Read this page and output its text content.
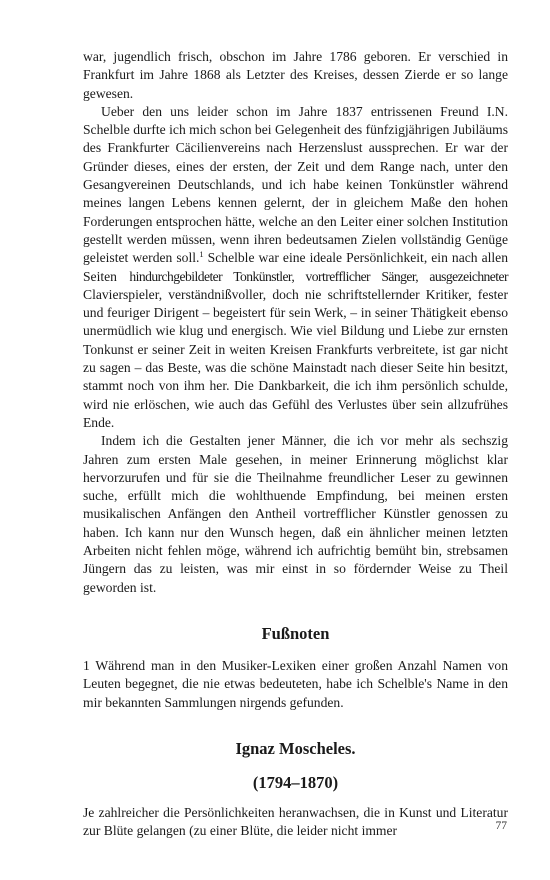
war, jugendlich frisch, obschon im Jahre 1786 geboren. Er verschied in Frankfurt im Jahre 1868 als Letzter des Kreises, dessen Zierde er so lange gewesen.

Ueber den uns leider schon im Jahre 1837 entrissenen Freund I.N. Schelble durfte ich mich schon bei Gelegenheit des fünfzigjährigen Jubiläums des Frankfurter Cäcilienvereins nach Herzenslust aussprechen. Er war der Gründer dieses, eines der ersten, der Zeit und dem Range nach, unter den Gesangvereinen Deutschlands, und ich habe keinen Tonkünstler während meines langen Lebens kennen gelernt, der in gleichem Maße den hohen Forderungen entsprochen hätte, welche an den Leiter einer solchen Institution gestellt werden müssen, wenn ihren bedeutsamen Zielen vollständig Genüge geleistet werden soll.$^1$ Schelble war eine ideale Persönlichkeit, ein nach allen Seiten hindurchgebildeter Tonkünstler, vortrefflicher Sänger, ausgezeichneter Clavierspieler, verständnißvoller, doch nie schriftstellernder Kritiker, fester und feuriger Dirigent – begeistert für sein Werk, – in seiner Thätigkeit ebenso unermüdlich wie klug und energisch. Wie viel Bildung und Liebe zur ernsten Tonkunst er seiner Zeit in weiten Kreisen Frankfurts verbreitete, ist gar nicht zu sagen – das Beste, was die schöne Mainstadt nach dieser Seite hin besitzt, stammt noch von ihm her. Die Dankbarkeit, die ich ihm persönlich schulde, wird nie erlöschen, wie auch das Gefühl des Verlustes über sein allzufrühes Ende.

Indem ich die Gestalten jener Männer, die ich vor mehr als sechszig Jahren zum ersten Male gesehen, in meiner Erinnerung möglichst klar hervorzurufen und für sie die Theilnahme freundlicher Leser zu gewinnen suche, erfüllt mich die wohlthuende Empfindung, bei meinen ersten musikalischen Anfängen den Antheil vortrefflicher Künstler genossen zu haben. Ich kann nur den Wunsch hegen, daß ein ähnlicher meinen letzten Arbeiten nicht fehlen möge, während ich aufrichtig bemüht bin, strebsamen Jüngern das zu leisten, was mir einst in so fördernder Weise zu Theil geworden ist.

Fußnoten

1 Während man in den Musiker-Lexiken einer großen Anzahl Namen von Leuten begegnet, die nie etwas bedeuteten, habe ich Schelble's Name in den mir bekannten Sammlungen nirgends gefunden.

Ignaz Moscheles.
(1794–1870)

Je zahlreicher die Persönlichkeiten heranwachsen, die in Kunst und Literatur zur Blüte gelangen (zu einer Blüte, die leider nicht immer	77
